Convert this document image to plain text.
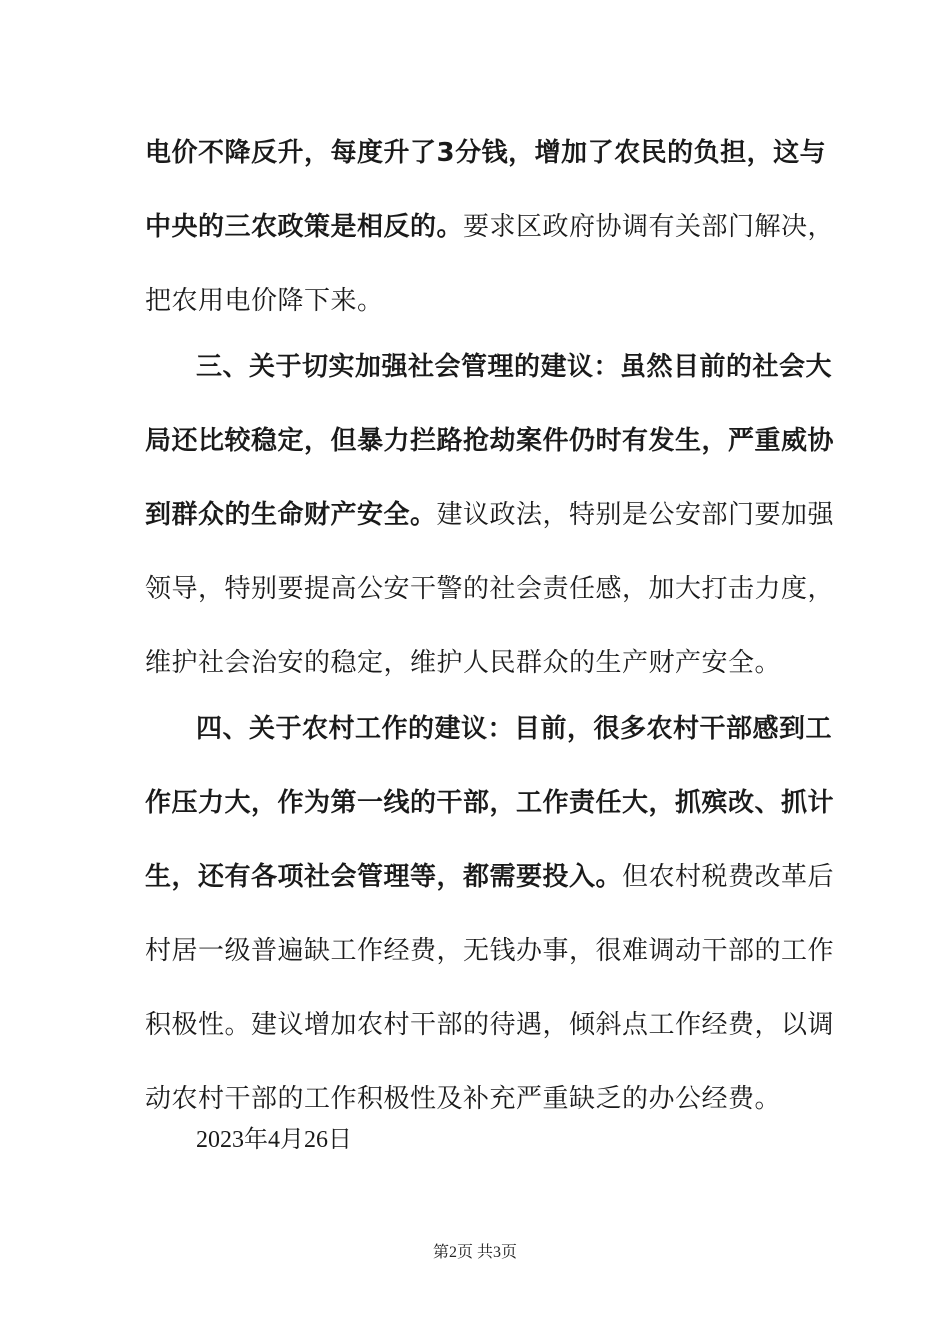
电价不降反升，每度升了3分钱，增加了农民的负担，这与
中央的三农政策是相反的。要求区政府协调有关部门解决，
把农用电价降下来。
三、关于切实加强社会管理的建议：虽然目前的社会大
局还比较稳定，但暴力拦路抢劫案件仍时有发生，严重威协
到群众的生命财产安全。建议政法，特别是公安部门要加强
领导，特别要提高公安干警的社会责任感，加大打击力度，
维护社会治安的稳定，维护人民群众的生产财产安全。
四、关于农村工作的建议：目前，很多农村干部感到工
作压力大，作为第一线的干部，工作责任大，抓殡改、抓计
生，还有各项社会管理等，都需要投入。但农村税费改革后
村居一级普遍缺工作经费，无钱办事，很难调动干部的工作
积极性。建议增加农村干部的待遇，倾斜点工作经费，以调
动农村干部的工作积极性及补充严重缺乏的办公经费。
2023年4月26日
第2页 共3页
